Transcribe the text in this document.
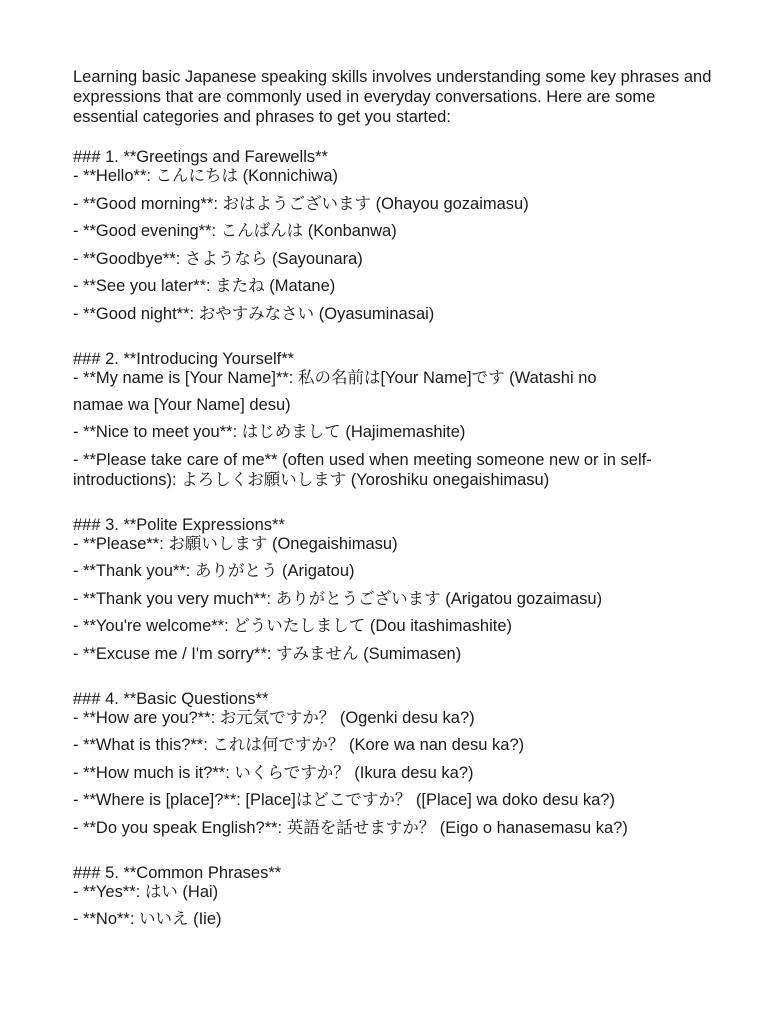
Learning basic Japanese speaking skills involves understanding some key phrases and expressions that are commonly used in everyday conversations. Here are some essential categories and phrases to get you started:

### 1. **Greetings and Farewells**

- **Hello**: こんにちは (Konnichiwa)
- **Good morning**: おはようございます (Ohayou gozaimasu)
- **Good evening**: こんばんは (Konbanwa)
- **Goodbye**: さようなら (Sayounara)
- **See you later**: またね (Matane)
- **Good night**: おやすみなさい (Oyasuminasai)

### 2. **Introducing Yourself**

- **My name is [Your Name]**: 私の名前は[Your Name]です (Watashi no
namae wa [Your Name] desu)
- **Nice to meet you**: はじめまして (Hajimemashite)
- **Please take care of me** (often used when meeting someone new or in self-introductions): よろしくお願いします (Yoroshiku onegaishimasu)

### 3. **Polite Expressions**

- **Please**: お願いします (Onegaishimasu)
- **Thank you**: ありがとう (Arigatou)
- **Thank you very much**: ありがとうございます (Arigatou gozaimasu)
- **You're welcome**: どういたしまして (Dou itashimashite)
- **Excuse me / I'm sorry**: すみません (Sumimasen)

### 4. **Basic Questions**

- **How are you?**: お元気ですか？ (Ogenki desu ka?)
- **What is this?**: これは何ですか？ (Kore wa nan desu ka?)
- **How much is it?**: いくらですか？ (Ikura desu ka?)
- **Where is [place]?**: [Place]はどこですか？ ([Place] wa doko desu ka?)
- **Do you speak English?**: 英語を話せますか？ (Eigo o hanasemasu ka?)

### 5. **Common Phrases**

- **Yes**: はい (Hai)
- **No**: いいえ (Iie)
